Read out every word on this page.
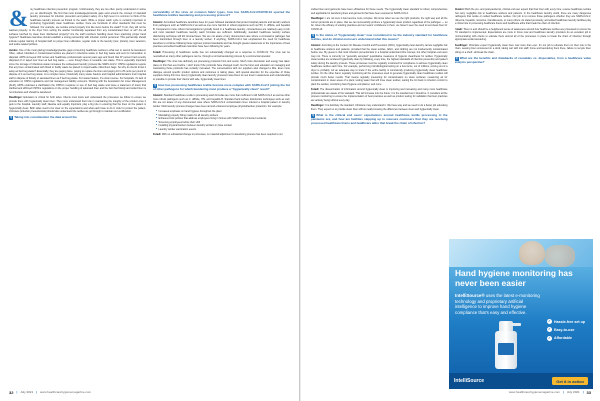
& my healthcare infection prevention program. Unfortunately, they are too often poorly understood or worse yet, an afterthought. We find that most knowledge/protocols gaps exist around the concept of standard laundry processes for infection prevention and patient safety. At a high level it is common to think of the healthcare laundry process as limited to the wash. While a proper wash cycle is certainly important to producing hygienically clean healthcare textiles, there are hundreds of other standards that must be followed. For example, are textiles sorted properly into like items before the wash? If not, they will not be washed properly. Is the dryer from setting the washer functionally separated from any contaminated linen or air? Are all surfaces touched by clean linen disinfected properly? Are the staff members handling clean linen practicing proper hand hygiene? Healthcare laundries should establish a strong partnership with infection control personnel. This partnership should include regular training of hospital staff on proper linen utilization, regular visits to the laundry (tour, photos), linen selection, and textile-related policies.

Jacobs: One of the most glaring knowledge/practice gaps concerning healthcare textiles is what can or cannot be laundered. Often, soiled, bloodied or contaminated textiles are placed in infectious waste or bed bug waste and sent for incineration or disposal. ARTA surveyed 200 nurses and healthcare professionals several years ago and found that 97 percent had recently disposed of or taped over linen as bed bug waste — even though there is reusable, wet waste. This is especially important since the tonnage of infectious waste increases the subsequent laundry process like SARS-CoV-2. OSHA regulations require that any linen contaminated with blood or bodily waste be placed in impermeable rolled linen bags. So why do clients throw it away as bed bug waste? Essentially, they are paying twice: paying to replace the linen and paying 10 to 25 cents per pound to dispose of it as bed bug waste. At a complex issue, historically many waste haulers and hospital administrators train hospital staff to dispose of bloody or saturated linen as if bed bug waste. For waste haulers, it's extra revenue. For hospitals, it's lack of education on OSHA regulations and risk management liability concerns. Working with the Association for Linen Management (ALM), ARTA endorsed a clarification the OSHA's response to use of bed bag waste and issue a statement of intent that clarified and affirmed OSHA's regulations on the proper handling of saturated linen and the fact that bloody and soiled linen is not infectious and should be laundered.

Reedlinger: Education is critical for both sides. Clients must know and understand the processes we follow to ensure we provide them with hygienically clean linen. They must understand their role in maintaining the integrity of the product once it gets to the hospital. Laundry staff, likewise and equally important, play a big role in ensuring that the linen on the patient is hygienically clean. Both sides need to be clear on the expectations and what each have to do in order to protect the patient. Clinicians (infection preventionists) should also understand the textiles we go through to maintain our certification.

Q Taking into consideration the data around the
survivability of the virus on common fabric types, how has SARS-CoV-2/COVID-19 spurred the healthcare textiles laundering and processing protocol?

Glowicz: Accredited healthcare laundries have for years followed standards that protect hospital patients and laundry workers from pathogens such as SARS-CoV-2 as well as one more harmful or robust organisms such as HIV, C. difficile, and hepatitis B. Compared to more robust microorganisms typically found in a healthcare laundry, coronaviruses are relatively easy to kill, and most standard healthcare laundry wash formulas are sufficient. Additionally, standard healthcare laundry surface disinfecting technique will kill coronaviruses. We are not aware of any documented case where a coronavirus pathogen has been transmitted through linen or a laundry worker. If anything, SARS-CoV-2 has emphasized the need for healthcare laundries to continue following these rigorous protocol standards and has brought greater awareness to the importance of best practices accredited healthcare laundries have been following for years.

Fotadi: Processing of healthcare textile has not substantially changed as a response to COVID-19. The virus can be neutralized as many other pathogens can be, through a normal laundering process by a commercial operator.

Reedlinger: The virus has definitely put processing protocols front and center. Much more discussion and energy has taken place on this than ever before. I don't know if the protocols have changed much, but the focus and education on managing and maintaining those protocols has certainly increased. The conversations with our suppliers also changed a little. Even more dialogue around specific product options and outcomes is taking place, with special attention for the expertise of those suppliers during this time. Every hygienically clean laundry processor was driven to new level in awareness and understanding to possible to provide their clients with safe, hygienically clean linen.

Q How has processing healthcare textile become more complex with SARS-CoV-2 joining the list of other pathogens for which laundering must produce a "hygienically clean" result?

Glowicz: Standard healthcare textile is processing wash formulas are more than sufficient to kill SARS-CoV-2 as well as other more robust pathogens such as C. difficile, HIV, and hepatitis B. Standard hard surface disinfection techniques work as well. We are not aware of any documented case where SARS-CoV-2 contamination linen infected a hospital patient or laundry worker. Most laundry process changes have been around enhanced employee physical/worker protection. For example:

■ Increased emphasis on hand hygiene throughout the plant
■ Mandating properly fitting masks for all laundry workers
■ Enhanced sick policies that address employees living in homes with SARS-CoV-2 infected residents
■ Screening employees before their shift
■ Installing physical barriers between laundry workers in close contact
■ Laundry worker vaccination events

Fotadi: With no substantial change to processes, no material adjustment to laundering process has been required to our

32 | July 2021 | www.healthcarehygienemagazine.com

crafted linen and garments have been efficacious for these needs. The hygienically clean standard is robust, comprehensive and applicable for laundering linen and garments that have been exposed to SARS-CoV-2.

Reedlinger: I am not sure it has become more complex. We know when we use the right products, the right way and all the correct protocols are in place, that we can successfully produce a hygienically clean product regardless of the pathogen — so far. Given the efficacy of existing practices and our teams' confidence in them, we haven't seen the need to test clean linen for COVID-19.

Q Is the status of "hygienically clean" now considered to be the industry standard for healthcare textiles, and do clinical end users understand what this means?

Glowicz: According to the Centers for Disease Control and Prevention (CDC), hygienically clean laundry carries negligible risk to healthcare workers and patients, provided that the clean textiles, fabric, and clothing are not inadvertently contaminated before use. My guess is that most infection preventionists in a hospital understand this concept, but other hospital end users may not. There is currently no "generally accepted" quantitative measures of hygienic cleanliness for textiles. Hygienically clean textiles are rendered hygienically clean by following, every time, the highest standards of infection prevention and patient safety during the laundry process. These processes must be regularly monitored for compliance to achieve hygienically clean healthcare textiles each time. For example, performing microbiological testing on a few items, out of millions, coming out of a dryer is probably not an adequate way to know if the entire facility is consistently producing hygienically clean healthcare textiles. On the other hand, regularly monitoring all the processes used to generate hygienically clean healthcare textiles will provide much better results. That means regularly measuring for contamination on clean surfaces; measuring air for contamination in clean areas of a plant; testing water that will rinse clean textiles; testing the lint back to infection control to plant the textiles; monitoring hand hygiene compliance; and more.

Fotadi: The dissemination of information around hygienically clean is improving and increasing and many more healthcare professionals are aware of the standard. This will increase into the future; it is the standard as it should be. It considers all the process monitoring to ensure the implementation of best practices as well as product testing for validation that best practices are actively being utilized every day.

Reedlinger: It is definitely the standard. Clinicians may understand it. We have way and we need to do a better job educating them. They expect us to provide clean linen without really knowing the difference between clean and hygienically clean.

Q What is the clinical end users' expectations around healthcare textile processing in the pandemic era, and how are facilities stepping up to reassure customers that they are receiving processed healthcare linens and healthcare attire that break the chain of infection?

Glowicz: Both the pre- and post-pandemic, clinical end user expect that their linen will, every time, receive healthcare textiles that carry negligible risk to healthcare workers and patients. In the healthcare laundry world, there are many dangerous pathogens that reside on soiled healthcare textiles. Our job is to remove those pathogens whether they are SARS-CoV-2, influenza, hepatitis, norovirus, Candida auris, or many others. As stated previously, accredited healthcare laundry facilities play a critical role in processing healthcare linens and healthcare attire that break the chain of infection.

Fotadi: There is and should be a heightened sense of awareness around how healthcare textiles are processed to ensure the HC standard is implemented. Expectations are more in focus now and healthcare laundry providers do an excellent job in communicating with clients to educate them around all of the processes in place to break the chain of infection through appropriate textile laundering.

Reedlinger: Clinicians expect hygienically clean linen now more than ever. It's our job to educate them on their role in the chain. Leaving linen uncovered on a dock, taking cart with into staff, home and laundering them there, failure to recycle linen sitting on a shelf...all break the chain.

Q What are the benefits and drawbacks of reusables vs. disposables, from a healthcare value analysis perspective?
Hand hygiene monitoring has never been easier
IntelliSource® uses the latest e-monitoring technology and proprietary artificial intelligence to improve hand hygiene compliance that's easy and effective.
✓ Hassle-free set up
✓ Easy-to-use
✓ Affordable
IntelliSource	Get it in action
www.healthcarehygienemagazine.com | July 2021 | 33
